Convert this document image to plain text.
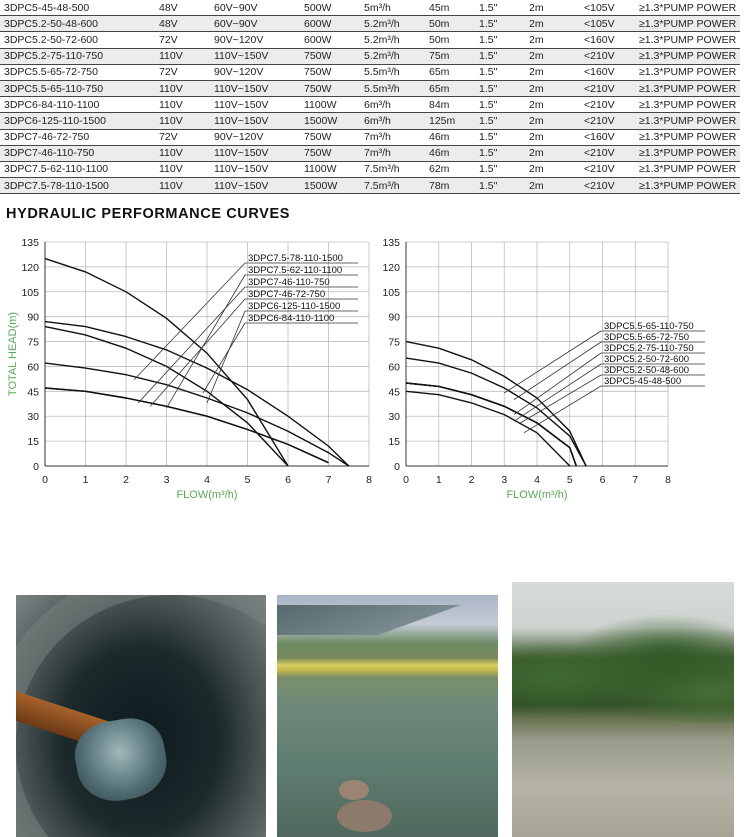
3DPC5-45-48-500	48V	60V~90V	500W	5m³/h	45m	1.5"	2m	<105V	≥1.3*PUMP POWER
3DPC5.2-50-48-600	48V	60V~90V	600W	5.2m³/h	50m	1.5"	2m	<105V	≥1.3*PUMP POWER
3DPC5.2-50-72-600	72V	90V~120V	600W	5.2m³/h	50m	1.5"	2m	<160V	≥1.3*PUMP POWER
3DPC5.2-75-110-750	110V	110V~150V	750W	5.2m³/h	75m	1.5"	2m	<210V	≥1.3*PUMP POWER
3DPC5.5-65-72-750	72V	90V~120V	750W	5.5m³/h	65m	1.5"	2m	<160V	≥1.3*PUMP POWER
3DPC5.5-65-110-750	110V	110V~150V	750W	5.5m³/h	65m	1.5"	2m	<210V	≥1.3*PUMP POWER
3DPC6-84-110-1100	110V	110V~150V	1100W	6m³/h	84m	1.5"	2m	<210V	≥1.3*PUMP POWER
3DPC6-125-110-1500	110V	110V~150V	1500W	6m³/h	125m	1.5"	2m	<210V	≥1.3*PUMP POWER
3DPC7-46-72-750	72V	90V~120V	750W	7m³/h	46m	1.5"	2m	<160V	≥1.3*PUMP POWER
3DPC7-46-110-750	110V	110V~150V	750W	7m³/h	46m	1.5"	2m	<210V	≥1.3*PUMP POWER
3DPC7.5-62-110-1100	110V	110V~150V	1100W	7.5m³/h	62m	1.5"	2m	<210V	≥1.3*PUMP POWER
3DPC7.5-78-110-1500	110V	110V~150V	1500W	7.5m³/h	78m	1.5"	2m	<210V	≥1.3*PUMP POWER
HYDRAULIC PERFORMANCE CURVES
0	1	2	3	4	5	6	7	8
0
15
30
45
60
75
90
105
120
135
FLOW(m³/h)
TOTAL HEAD(m)
3DPC7.5-78-110-1500
3DPC7.5-62-110-1100
3DPC7-46-110-750
3DPC7-46-72-750
3DPC6-125-110-1500
3DPC6-84-110-1100
0	1	2	3	4	5	6	7	8
0
15
30
45
60
75
90
105
120
135
FLOW(m³/h)
3DPC5.5-65-110-750
3DPC5.5-65-72-750
3DPC5.2-75-110-750
3DPC5.2-50-72-600
3DPC5.2-50-48-600
3DPC5-45-48-500
